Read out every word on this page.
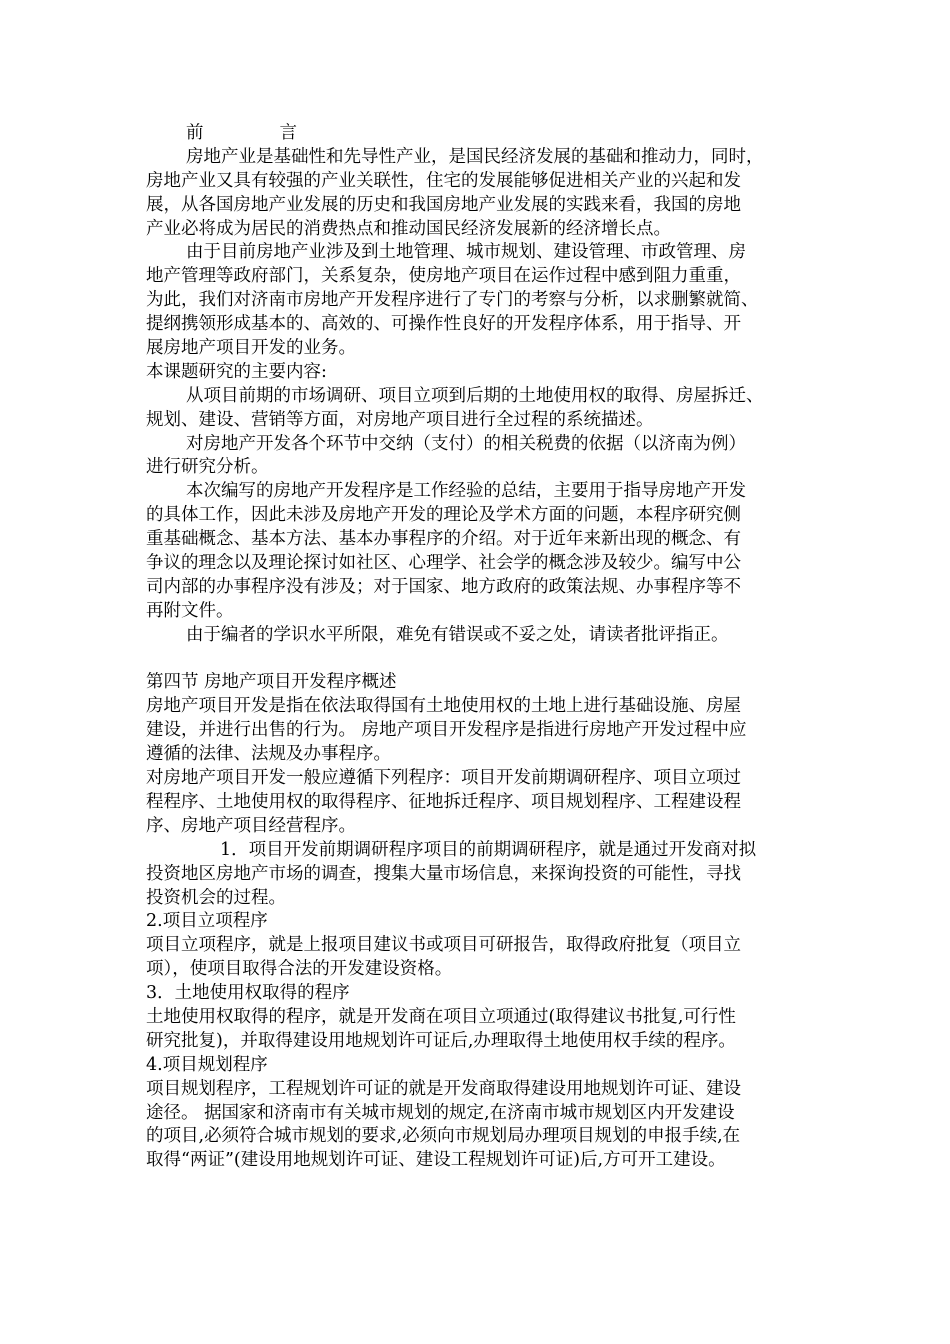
前	言
房地产业是基础性和先导性产业，是国民经济发展的基础和推动力，同时，
房地产业又具有较强的产业关联性，住宅的发展能够促进相关产业的兴起和发
展，从各国房地产业发展的历史和我国房地产业发展的实践来看，我国的房地
产业必将成为居民的消费热点和推动国民经济发展新的经济增长点。
由于目前房地产业涉及到土地管理、城市规划、建设管理、市政管理、房
地产管理等政府部门，关系复杂，使房地产项目在运作过程中感到阻力重重，
为此，我们对济南市房地产开发程序进行了专门的考察与分析，以求删繁就简、
提纲携领形成基本的、高效的、可操作性良好的开发程序体系，用于指导、开
展房地产项目开发的业务。
本课题研究的主要内容:
从项目前期的市场调研、项目立项到后期的土地使用权的取得、房屋拆迁、
规划、建设、营销等方面，对房地产项目进行全过程的系统描述。
对房地产开发各个环节中交纳（支付）的相关税费的依据（以济南为例）
进行研究分析。
本次编写的房地产开发程序是工作经验的总结，主要用于指导房地产开发
的具体工作，因此未涉及房地产开发的理论及学术方面的问题，本程序研究侧
重基础概念、基本方法、基本办事程序的介绍。对于近年来新出现的概念、有
争议的理念以及理论探讨如社区、心理学、社会学的概念涉及较少。编写中公
司内部的办事程序没有涉及；对于国家、地方政府的政策法规、办事程序等不
再附文件。
由于编者的学识水平所限，难免有错误或不妥之处，请读者批评指正。
第四节 房地产项目开发程序概述
房地产项目开发是指在依法取得国有土地使用权的土地上进行基础设施、房屋
建设，并进行出售的行为。 房地产项目开发程序是指进行房地产开发过程中应
遵循的法律、法规及办事程序。
对房地产项目开发一般应遵循下列程序：项目开发前期调研程序、项目立项过
程程序、土地使用权的取得程序、征地拆迁程序、项目规划程序、工程建设程
序、房地产项目经营程序。
1．项目开发前期调研程序项目的前期调研程序，就是通过开发商对拟
投资地区房地产市场的调查，搜集大量市场信息，来探询投资的可能性，寻找
投资机会的过程。
2.项目立项程序
项目立项程序，就是上报项目建议书或项目可研报告，取得政府批复（项目立
项），使项目取得合法的开发建设资格。
3．土地使用权取得的程序
土地使用权取得的程序，就是开发商在项目立项通过(取得建议书批复,可行性
研究批复)，并取得建设用地规划许可证后,办理取得土地使用权手续的程序。
4.项目规划程序
项目规划程序，工程规划许可证的就是开发商取得建设用地规划许可证、建设
途径。 据国家和济南市有关城市规划的规定,在济南市城市规划区内开发建设
的项目,必须符合城市规划的要求,必须向市规划局办理项目规划的申报手续,在
取得“两证”(建设用地规划许可证、建设工程规划许可证)后,方可开工建设。
